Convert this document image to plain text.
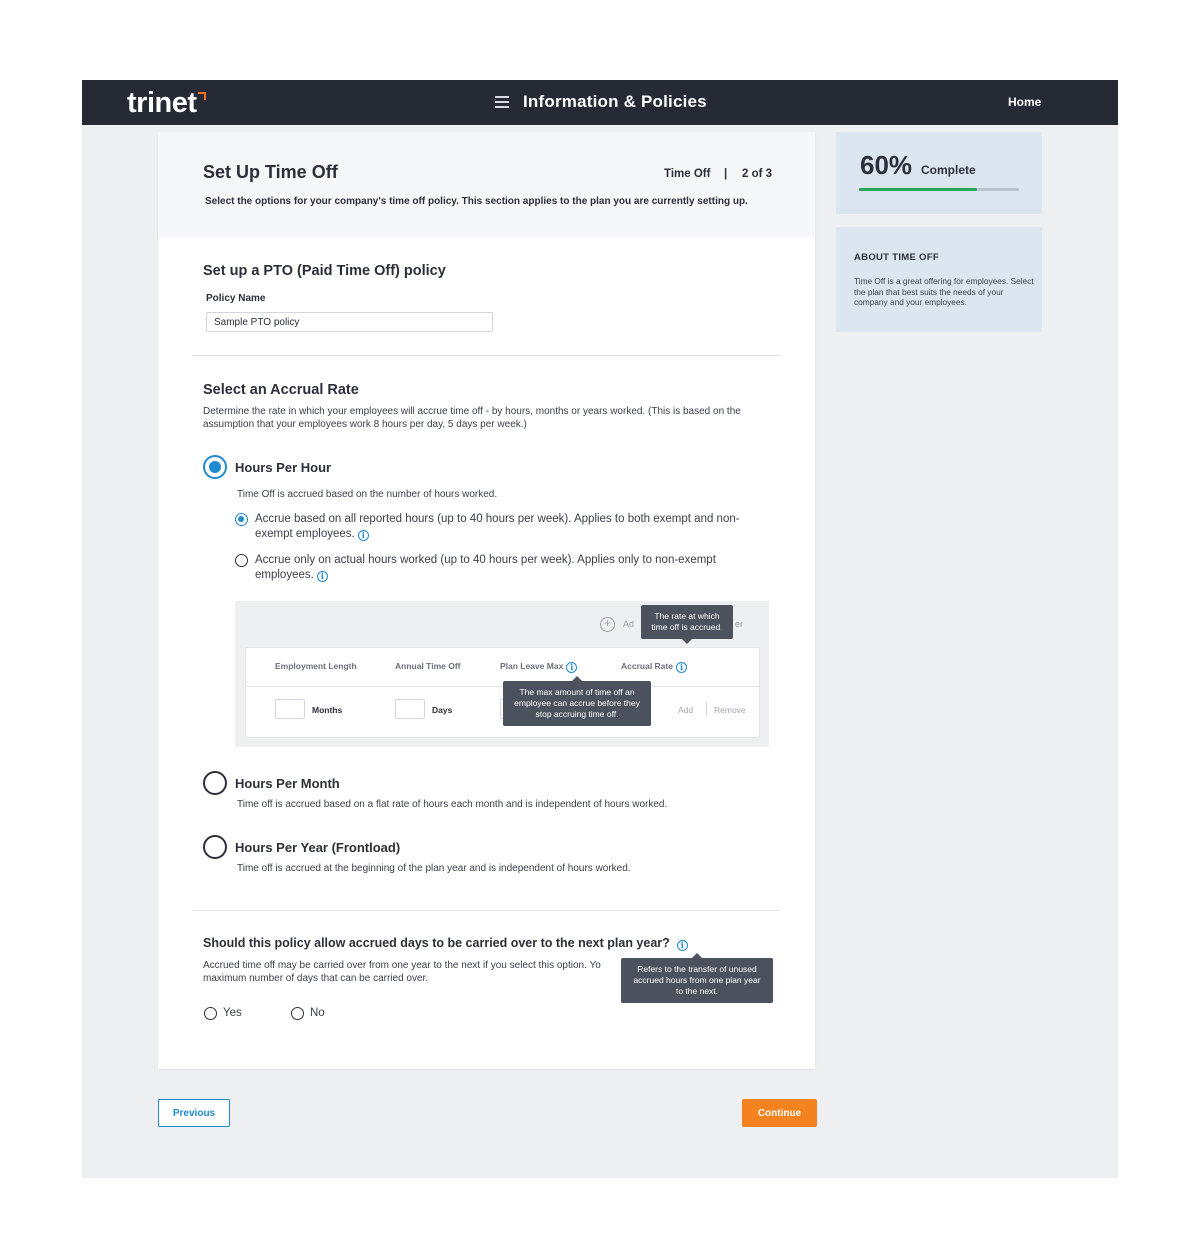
trinet	Information & Policies	Home
Set Up Time Off	Time Off | 2 of 3
Select the options for your company's time off policy. This section applies to the plan you are currently setting up.
Set up a PTO (Paid Time Off) policy
Policy Name
Sample PTO policy
Select an Accrual Rate
Determine the rate in which your employees will accrue time off - by hours, months or years worked. (This is based on the assumption that your employees work 8 hours per day, 5 days per week.)
Hours Per Hour
Time Off is accrued based on the number of hours worked.
Accrue based on all reported hours (up to 40 hours per week). Applies to both exempt and non-exempt employees. i
Accrue only on actual hours worked (up to 40 hours per week). Applies only to non-exempt employees. i
+	Ad	er
Employment Length	Annual Time Off	Plan Leave Max i	Accrual Rate i
Months	Days	Add Remove
The rate at which time off is accrued.
The max amount of time off an employee can accrue before they stop accruing time off.
Hours Per Month
Time off is accrued based on a flat rate of hours each month and is independent of hours worked.
Hours Per Year (Frontload)
Time off is accrued at the beginning of the plan year and is independent of hours worked.
Should this policy allow accrued days to be carried over to the next plan year? i
Accrued time off may be carried over from one year to the next if you select this option. Yo
maximum number of days that can be carried over.
Refers to the transfer of unused accrued hours from one plan year to the next.
Yes	No
60% Complete
ABOUT TIME OFF
Time Off is a great offering for employees. Select the plan that best suits the needs of your company and your employees.
Previous	Continue
